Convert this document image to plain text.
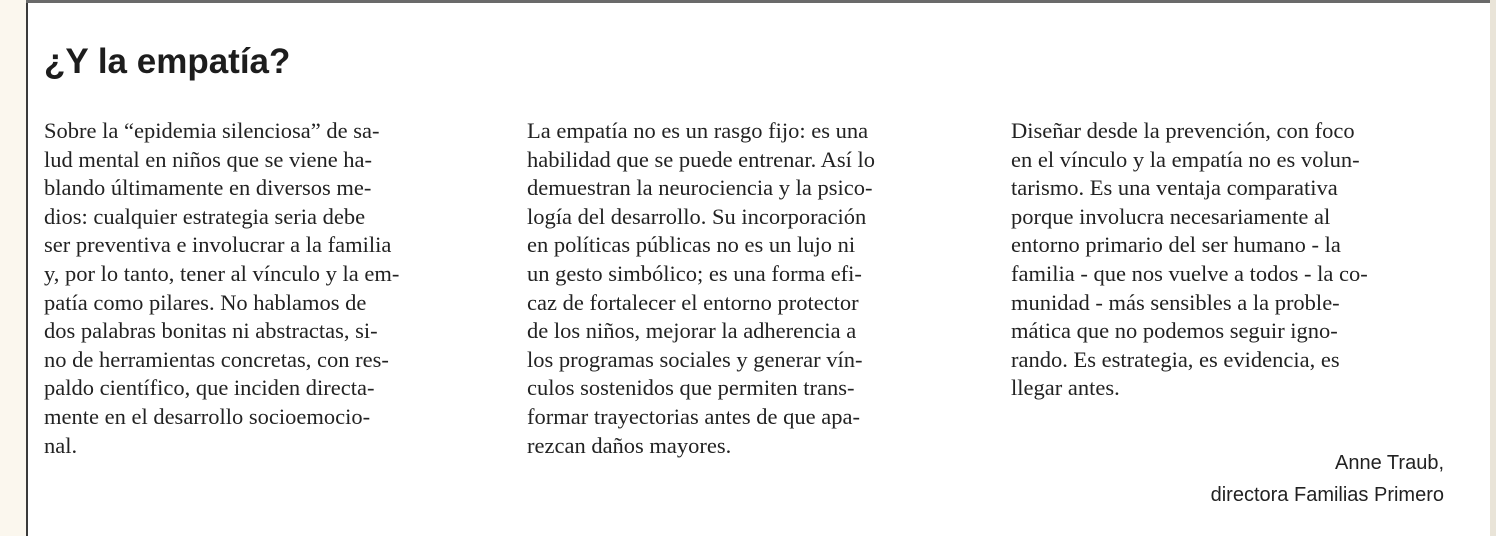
¿Y la empatía?

Sobre la “epidemia silenciosa” de sa-
lud mental en niños que se viene ha-
blando últimamente en diversos me-
dios: cualquier estrategia seria debe
ser preventiva e involucrar a la familia
y, por lo tanto, tener al vínculo y la em-
patía como pilares. No hablamos de
dos palabras bonitas ni abstractas, si-
no de herramientas concretas, con res-
paldo científico, que inciden directa-
mente en el desarrollo socioemocio-
nal.

La empatía no es un rasgo fijo: es una
habilidad que se puede entrenar. Así lo
demuestran la neurociencia y la psico-
logía del desarrollo. Su incorporación
en políticas públicas no es un lujo ni
un gesto simbólico; es una forma efi-
caz de fortalecer el entorno protector
de los niños, mejorar la adherencia a
los programas sociales y generar vín-
culos sostenidos que permiten trans-
formar trayectorias antes de que apa-
rezcan daños mayores.

Diseñar desde la prevención, con foco
en el vínculo y la empatía no es volun-
tarismo. Es una ventaja comparativa
porque involucra necesariamente al
entorno primario del ser humano - la
familia - que nos vuelve a todos - la co-
munidad - más sensibles a la proble-
mática que no podemos seguir igno-
rando. Es estrategia, es evidencia, es
llegar antes.

Anne Traub,

directora Familias Primero
